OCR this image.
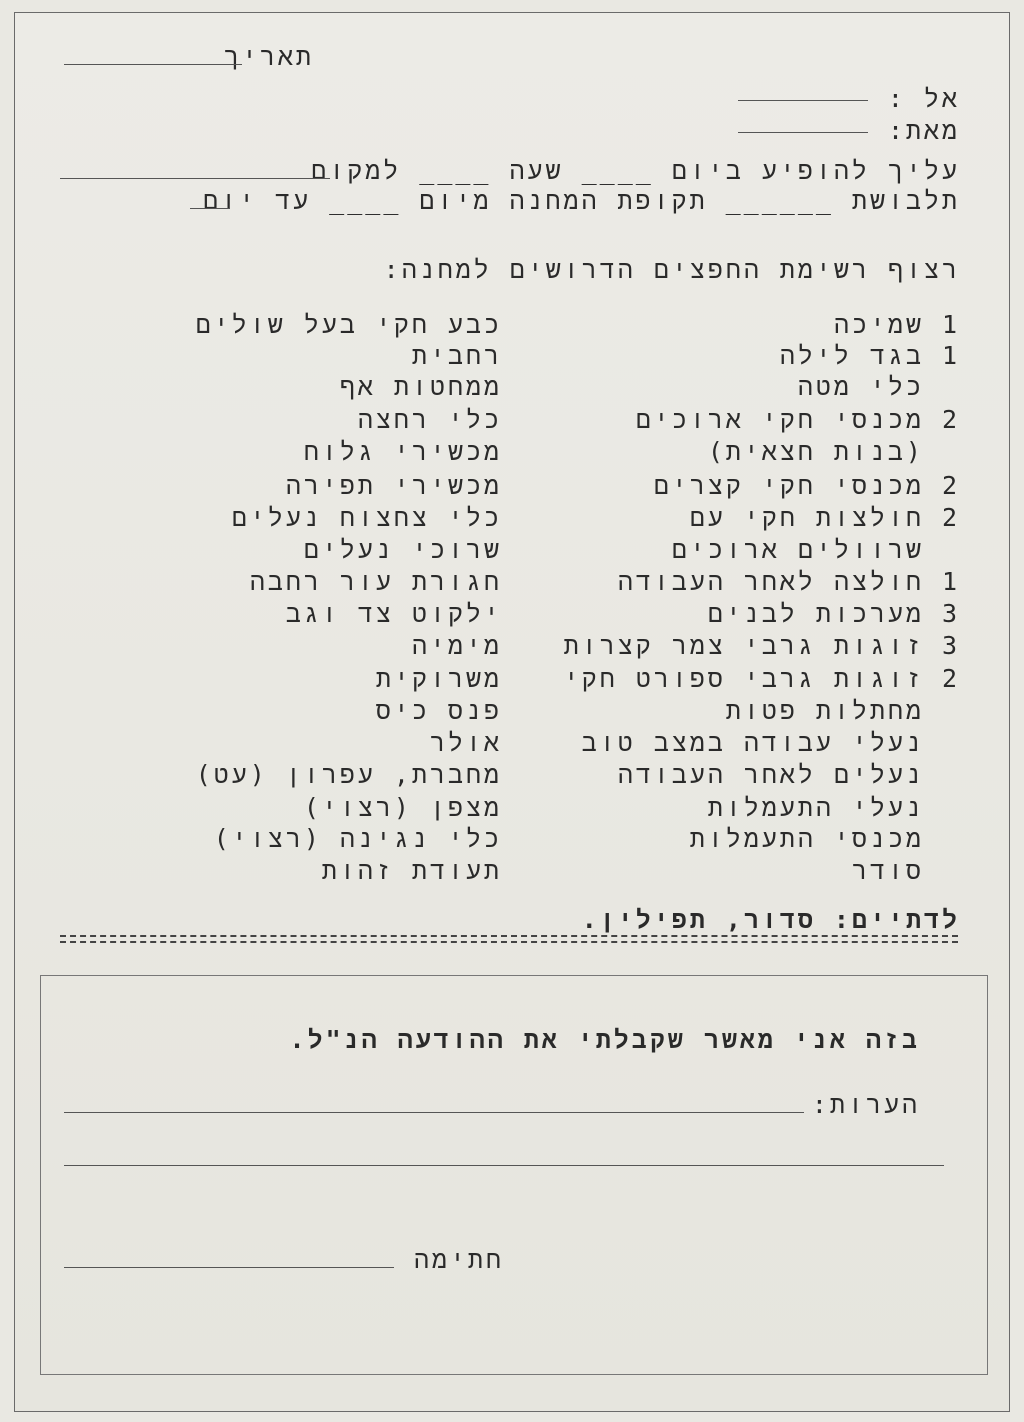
תאריך
אל :
מאת:
עליך להופיע ביום ____ שעה ____ למקום
תלבושת ______ תקופת המחנה מיום ____ עד יום
רצוף רשימת החפצים הדרושים למחנה:
1
שמיכה
1
בגד לילה
כלי מטה
2
מכנסי חקי ארוכים
(בנות חצאית)
2
מכנסי חקי קצרים
2
חולצות חקי עם
שרוולים ארוכים
1
חולצה לאחר העבודה
3
מערכות לבנים
3
זוגות גרבי צמר קצרות
2
זוגות גרבי ספורט חקי
מחתלות פטות
נעלי עבודה במצב טוב
נעלים לאחר העבודה
נעלי התעמלות
מכנסי התעמלות
סודר
כבע חקי בעל שולים
רחבית
ממחטות אף
כלי רחצה
מכשירי גלוח
מכשירי תפירה
כלי צחצוח נעלים
שרוכי נעלים
חגורת עור רחבה
ילקוט צד וגב
מימיה
משרוקית
פנס כיס
אולר
מחברת, עפרון (עט)
מצפן (רצוי)
כלי נגינה (רצוי)
תעודת זהות
לדתיים: סדור, תפילין.
בזה אני מאשר שקבלתי את ההודעה הנ"ל.
הערות:
חתימה
